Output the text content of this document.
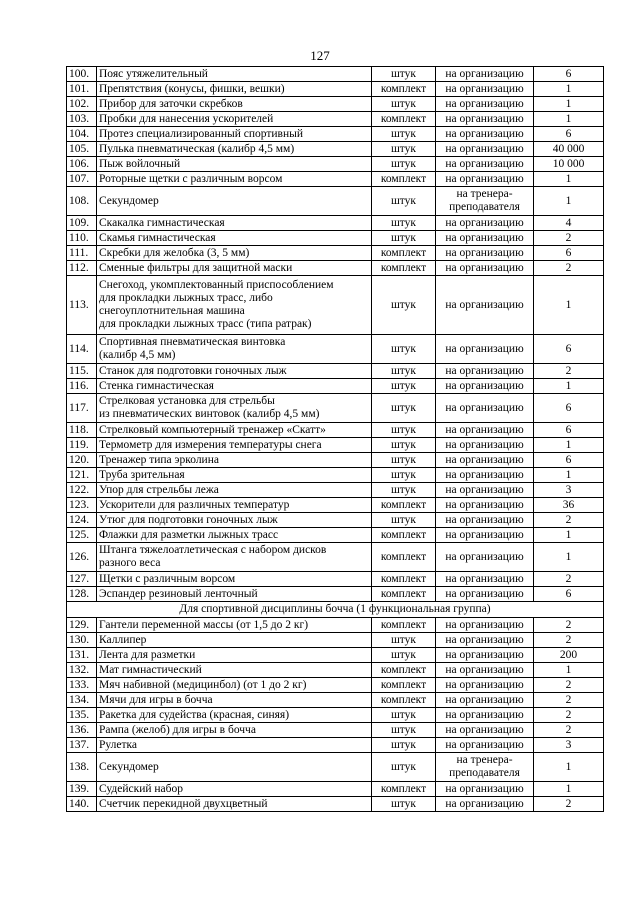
127
100.	Пояс утяжелительный	штук	на организацию	6
101.	Препятствия (конусы, фишки, вешки)	комплект	на организацию	1
102.	Прибор для заточки скребков	штук	на организацию	1
103.	Пробки для нанесения ускорителей	комплект	на организацию	1
104.	Протез специализированный спортивный	штук	на организацию	6
105.	Пулька пневматическая (калибр 4,5 мм)	штук	на организацию	40 000
106.	Пыж войлочный	штук	на организацию	10 000
107.	Роторные щетки с различным ворсом	комплект	на организацию	1
108.	Секундомер	штук	на тренера-
преподавателя	1
109.	Скакалка гимнастическая	штук	на организацию	4
110.	Скамья гимнастическая	штук	на организацию	2
111.	Скребки для желобка (3, 5 мм)	комплект	на организацию	6
112.	Сменные фильтры для защитной маски	комплект	на организацию	2
113.	Снегоход, укомплектованный приспособлением
для прокладки лыжных трасс, либо
снегоуплотнительная машина
для прокладки лыжных трасс (типа ратрак)	штук	на организацию	1
114.	Спортивная пневматическая винтовка
(калибр 4,5 мм)	штук	на организацию	6
115.	Станок для подготовки гоночных лыж	штук	на организацию	2
116.	Стенка гимнастическая	штук	на организацию	1
117.	Стрелковая установка для стрельбы
из пневматических винтовок (калибр 4,5 мм)	штук	на организацию	6
118.	Стрелковый компьютерный тренажер «Скатт»	штук	на организацию	6
119.	Термометр для измерения температуры снега	штук	на организацию	1
120.	Тренажер типа эрколина	штук	на организацию	6
121.	Труба зрительная	штук	на организацию	1
122.	Упор для стрельбы лежа	штук	на организацию	3
123.	Ускорители для различных температур	комплект	на организацию	36
124.	Утюг для подготовки гоночных лыж	штук	на организацию	2
125.	Флажки для разметки лыжных трасс	комплект	на организацию	1
126.	Штанга тяжелоатлетическая с набором дисков
разного веса	комплект	на организацию	1
127.	Щетки с различным ворсом	комплект	на организацию	2
128.	Эспандер резиновый ленточный	комплект	на организацию	6
Для спортивной дисциплины бочча (1 функциональная группа)				
129.	Гантели переменной массы (от 1,5 до 2 кг)	комплект	на организацию	2
130.	Каллипер	штук	на организацию	2
131.	Лента для разметки	штук	на организацию	200
132.	Мат гимнастический	комплект	на организацию	1
133.	Мяч набивной (медицинбол) (от 1 до 2 кг)	комплект	на организацию	2
134.	Мячи для игры в бочча	комплект	на организацию	2
135.	Ракетка для судейства (красная, синяя)	штук	на организацию	2
136.	Рампа (желоб) для игры в бочча	штук	на организацию	2
137.	Рулетка	штук	на организацию	3
138.	Секундомер	штук	на тренера-
преподавателя	1
139.	Судейский набор	комплект	на организацию	1
140.	Счетчик перекидной двухцветный	штук	на организацию	2
